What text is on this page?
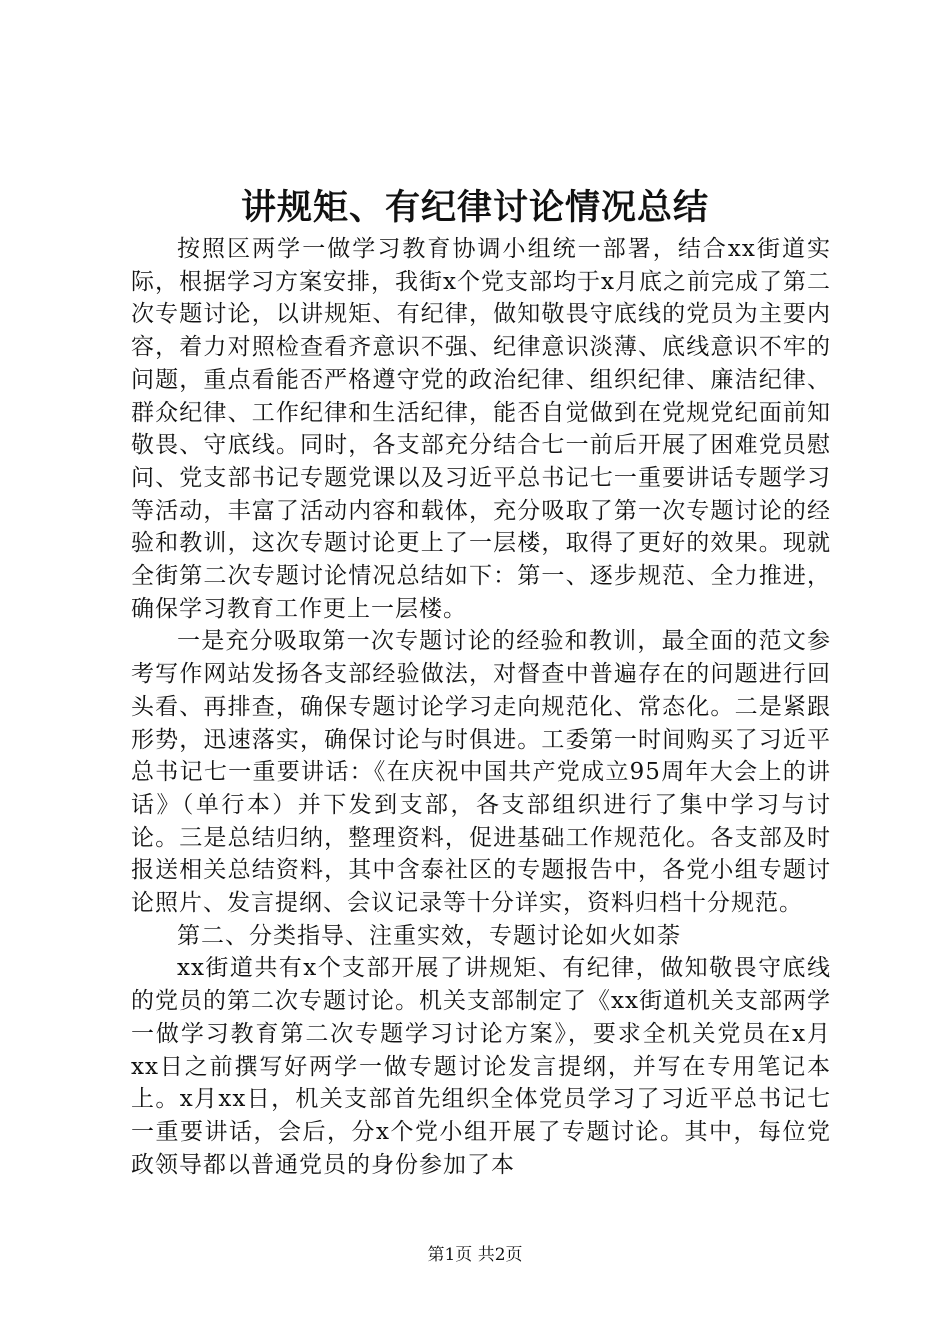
讲规矩、有纪律讨论情况总结

按照区两学一做学习教育协调小组统一部署，结合xx街道实际，根据学习方案安排，我街x个党支部均于x月底之前完成了第二次专题讨论，以讲规矩、有纪律，做知敬畏守底线的党员为主要内容，着力对照检查看齐意识不强、纪律意识淡薄、底线意识不牢的问题，重点看能否严格遵守党的政治纪律、组织纪律、廉洁纪律、群众纪律、工作纪律和生活纪律，能否自觉做到在党规党纪面前知敬畏、守底线。同时，各支部充分结合七一前后开展了困难党员慰问、党支部书记专题党课以及习近平总书记七一重要讲话专题学习等活动，丰富了活动内容和载体，充分吸取了第一次专题讨论的经验和教训，这次专题讨论更上了一层楼，取得了更好的效果。现就全街第二次专题讨论情况总结如下：第一、逐步规范、全力推进，确保学习教育工作更上一层楼。

一是充分吸取第一次专题讨论的经验和教训，最全面的范文参考写作网站发扬各支部经验做法，对督查中普遍存在的问题进行回头看、再排查，确保专题讨论学习走向规范化、常态化。二是紧跟形势，迅速落实，确保讨论与时俱进。工委第一时间购买了习近平总书记七一重要讲话：《在庆祝中国共产党成立95周年大会上的讲话》（单行本）并下发到支部，各支部组织进行了集中学习与讨论。三是总结归纳，整理资料，促进基础工作规范化。各支部及时报送相关总结资料，其中含泰社区的专题报告中，各党小组专题讨论照片、发言提纲、会议记录等十分详实，资料归档十分规范。

第二、分类指导、注重实效，专题讨论如火如荼

xx街道共有x个支部开展了讲规矩、有纪律，做知敬畏守底线的党员的第二次专题讨论。机关支部制定了《xx街道机关支部两学一做学习教育第二次专题学习讨论方案》，要求全机关党员在x月xx日之前撰写好两学一做专题讨论发言提纲，并写在专用笔记本上。x月xx日，机关支部首先组织全体党员学习了习近平总书记七一重要讲话，会后，分x个党小组开展了专题讨论。其中，每位党政领导都以普通党员的身份参加了本

第1页 共2页
